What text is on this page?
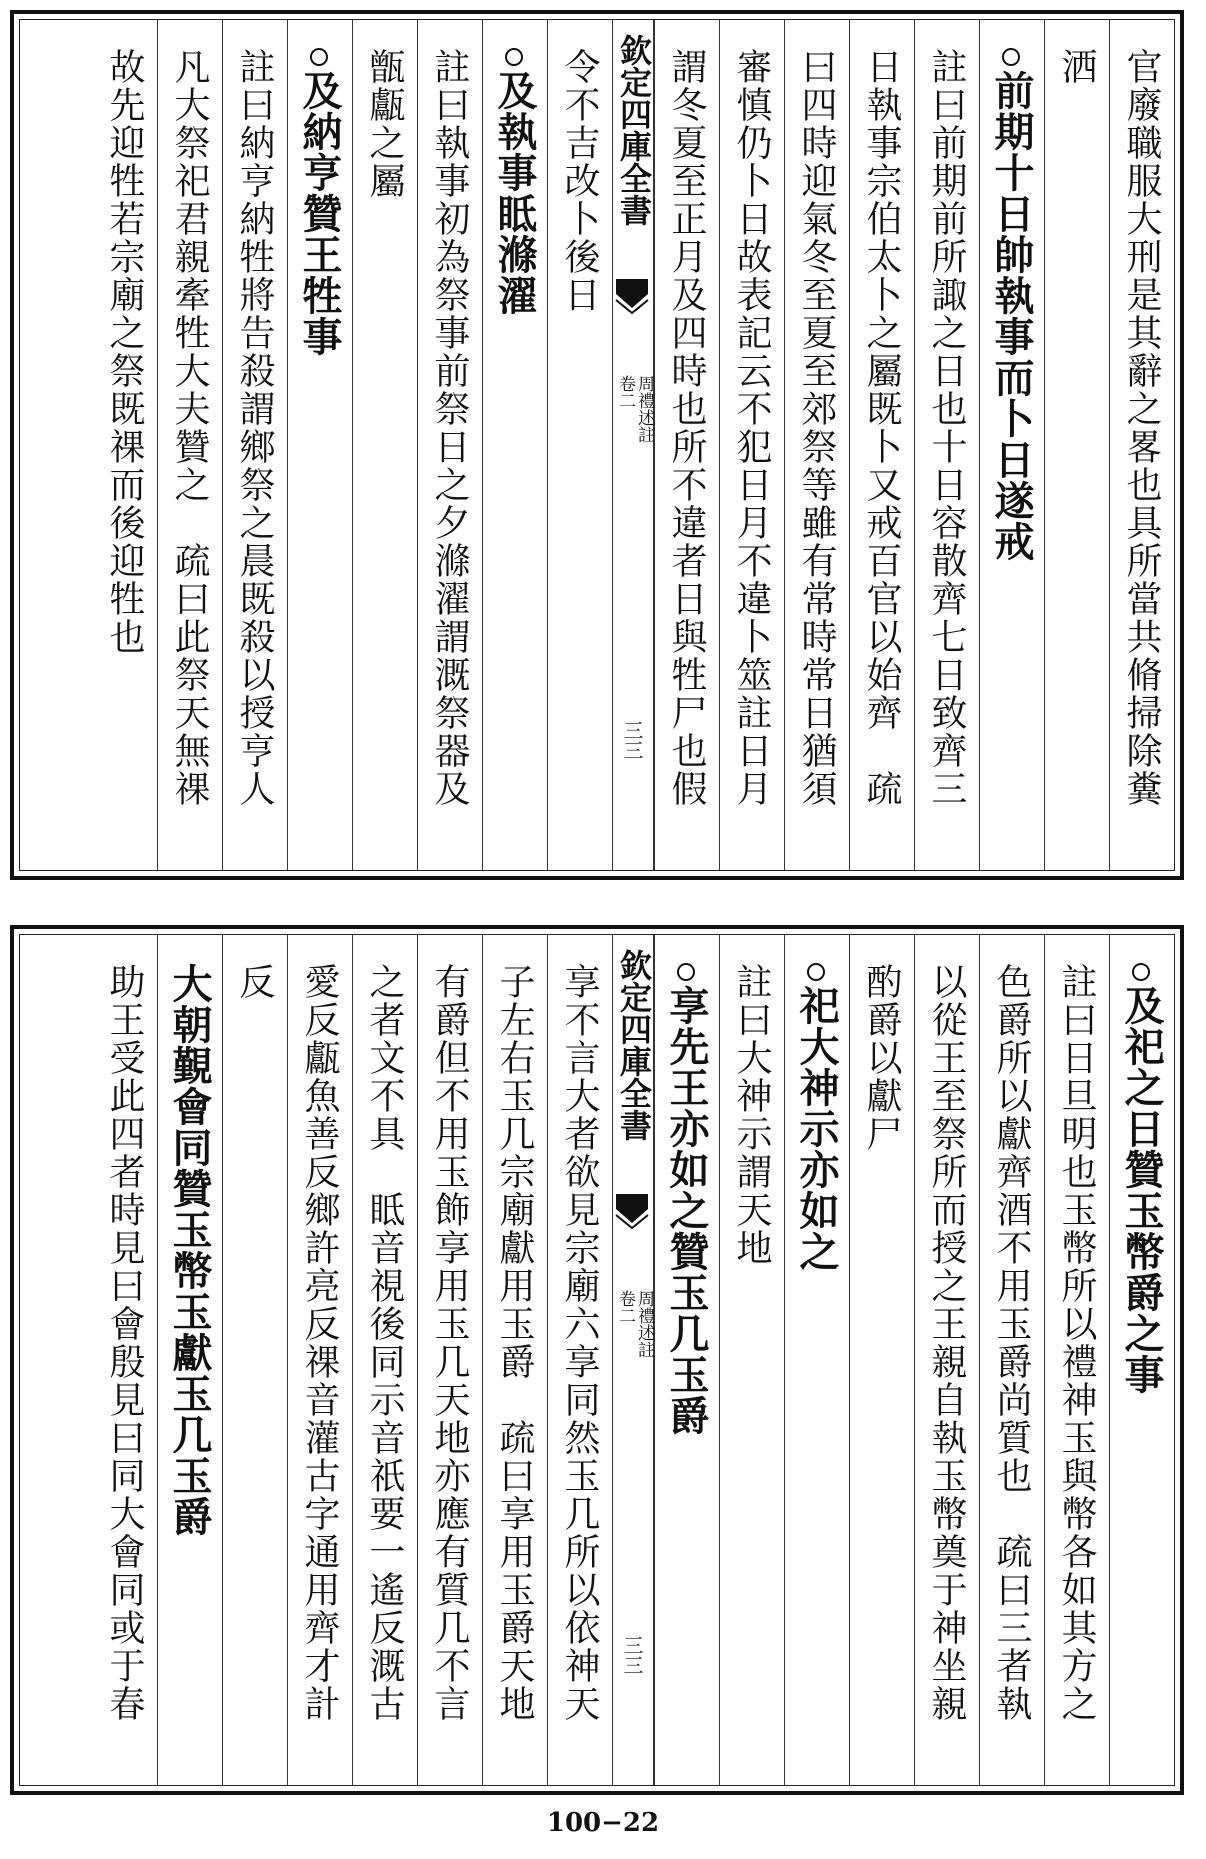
官廢職服大刑是其辭之畧也具所當共脩掃除糞
洒
前期十日帥執事而卜日遂戒
註曰前期前所諏之日也十日容散齊七日致齊三
日執事宗伯太卜之屬既卜又戒百官以始齊　疏
曰四時迎氣冬至夏至郊祭等雖有常時常日猶須
審慎仍卜日故表記云不犯日月不違卜筮註日月
謂冬夏至正月及四時也所不違者日與牲尸也假
欽定四庫全書
周禮述註
卷二
三三
令不吉改卜後日
及執事眡滌濯
註曰執事初為祭事前祭日之夕滌濯謂溉祭器及
甑甗之屬
及納亨贊王牲事
註曰納亨納牲將告殺謂鄉祭之晨既殺以授亨人
凡大祭祀君親牽牲大夫贊之　疏曰此祭天無祼
故先迎牲若宗廟之祭既祼而後迎牲也
及祀之日贊玉幣爵之事
註曰日旦明也玉幣所以禮神玉與幣各如其方之
色爵所以獻齊酒不用玉爵尚質也　疏曰三者執
以從王至祭所而授之王親自執玉幣奠于神坐親
酌爵以獻尸
祀大神示亦如之
註曰大神示謂天地
享先王亦如之贊玉几玉爵
欽定四庫全書
周禮述註
卷二
三三
享不言大者欲見宗廟六享同然玉几所以依神天
子左右玉几宗廟獻用玉爵　疏曰享用玉爵天地
有爵但不用玉飾享用玉几天地亦應有質几不言
之者文不具　眡音視後同示音祇要一遙反溉古
愛反甗魚善反鄉許亮反祼音灌古字通用齊才計
反
大朝覲會同贊玉幣玉獻玉几玉爵
助王受此四者時見曰會殷見曰同大會同或于春
100−22
